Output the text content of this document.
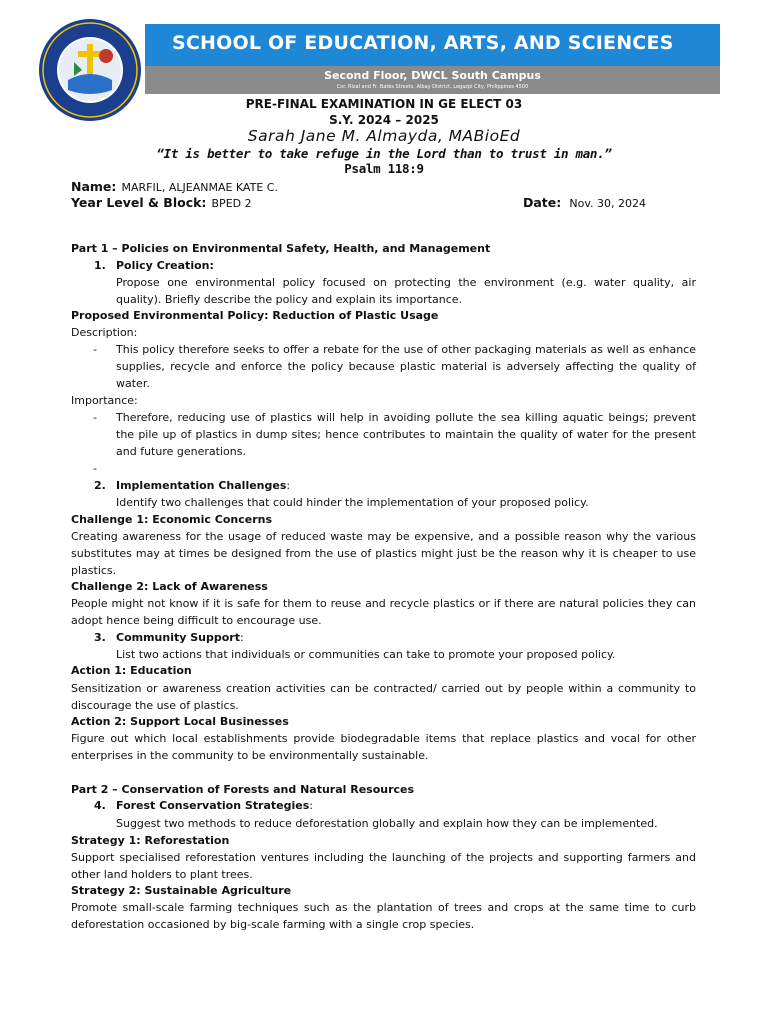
SCHOOL OF EDUCATION, ARTS, AND SCIENCES
Second Floor, DWCL South Campus
Cor. Rizal and Fr. Bates Streets, Albay District, Legazpi City, Philippines 4500
PRE-FINAL EXAMINATION IN GE ELECT 03
S.Y. 2024 – 2025
Sarah Jane M. Almayda, MABioEd
“It is better to take refuge in the Lord than to trust in man.”
Psalm 118:9
Name: MARFIL, ALJEANMAE KATE C.
Year Level & Block: BPED 2	Date: Nov. 30, 2024
Part 1 – Policies on Environmental Safety, Health, and Management
1. Policy Creation:
Propose one environmental policy focused on protecting the environment (e.g. water quality, air quality). Briefly describe the policy and explain its importance.
Proposed Environmental Policy: Reduction of Plastic Usage
Description:
- This policy therefore seeks to offer a rebate for the use of other packaging materials as well as enhance supplies, recycle and enforce the policy because plastic material is adversely affecting the quality of water.
Importance:
- Therefore, reducing use of plastics will help in avoiding pollute the sea killing aquatic beings; prevent the pile up of plastics in dump sites; hence contributes to maintain the quality of water for the present and future generations.
-
2. Implementation Challenges:
Identify two challenges that could hinder the implementation of your proposed policy.
Challenge 1: Economic Concerns
Creating awareness for the usage of reduced waste may be expensive, and a possible reason why the various substitutes may at times be designed from the use of plastics might just be the reason why it is cheaper to use plastics.
Challenge 2: Lack of Awareness
People might not know if it is safe for them to reuse and recycle plastics or if there are natural policies they can adopt hence being difficult to encourage use.
3. Community Support:
List two actions that individuals or communities can take to promote your proposed policy.
Action 1: Education
Sensitization or awareness creation activities can be contracted/ carried out by people within a community to discourage the use of plastics.
Action 2: Support Local Businesses
Figure out which local establishments provide biodegradable items that replace plastics and vocal for other enterprises in the community to be environmentally sustainable.
Part 2 – Conservation of Forests and Natural Resources
4. Forest Conservation Strategies:
Suggest two methods to reduce deforestation globally and explain how they can be implemented.
Strategy 1: Reforestation
Support specialised reforestation ventures including the launching of the projects and supporting farmers and other land holders to plant trees.
Strategy 2: Sustainable Agriculture
Promote small-scale farming techniques such as the plantation of trees and crops at the same time to curb deforestation occasioned by big-scale farming with a single crop species.
